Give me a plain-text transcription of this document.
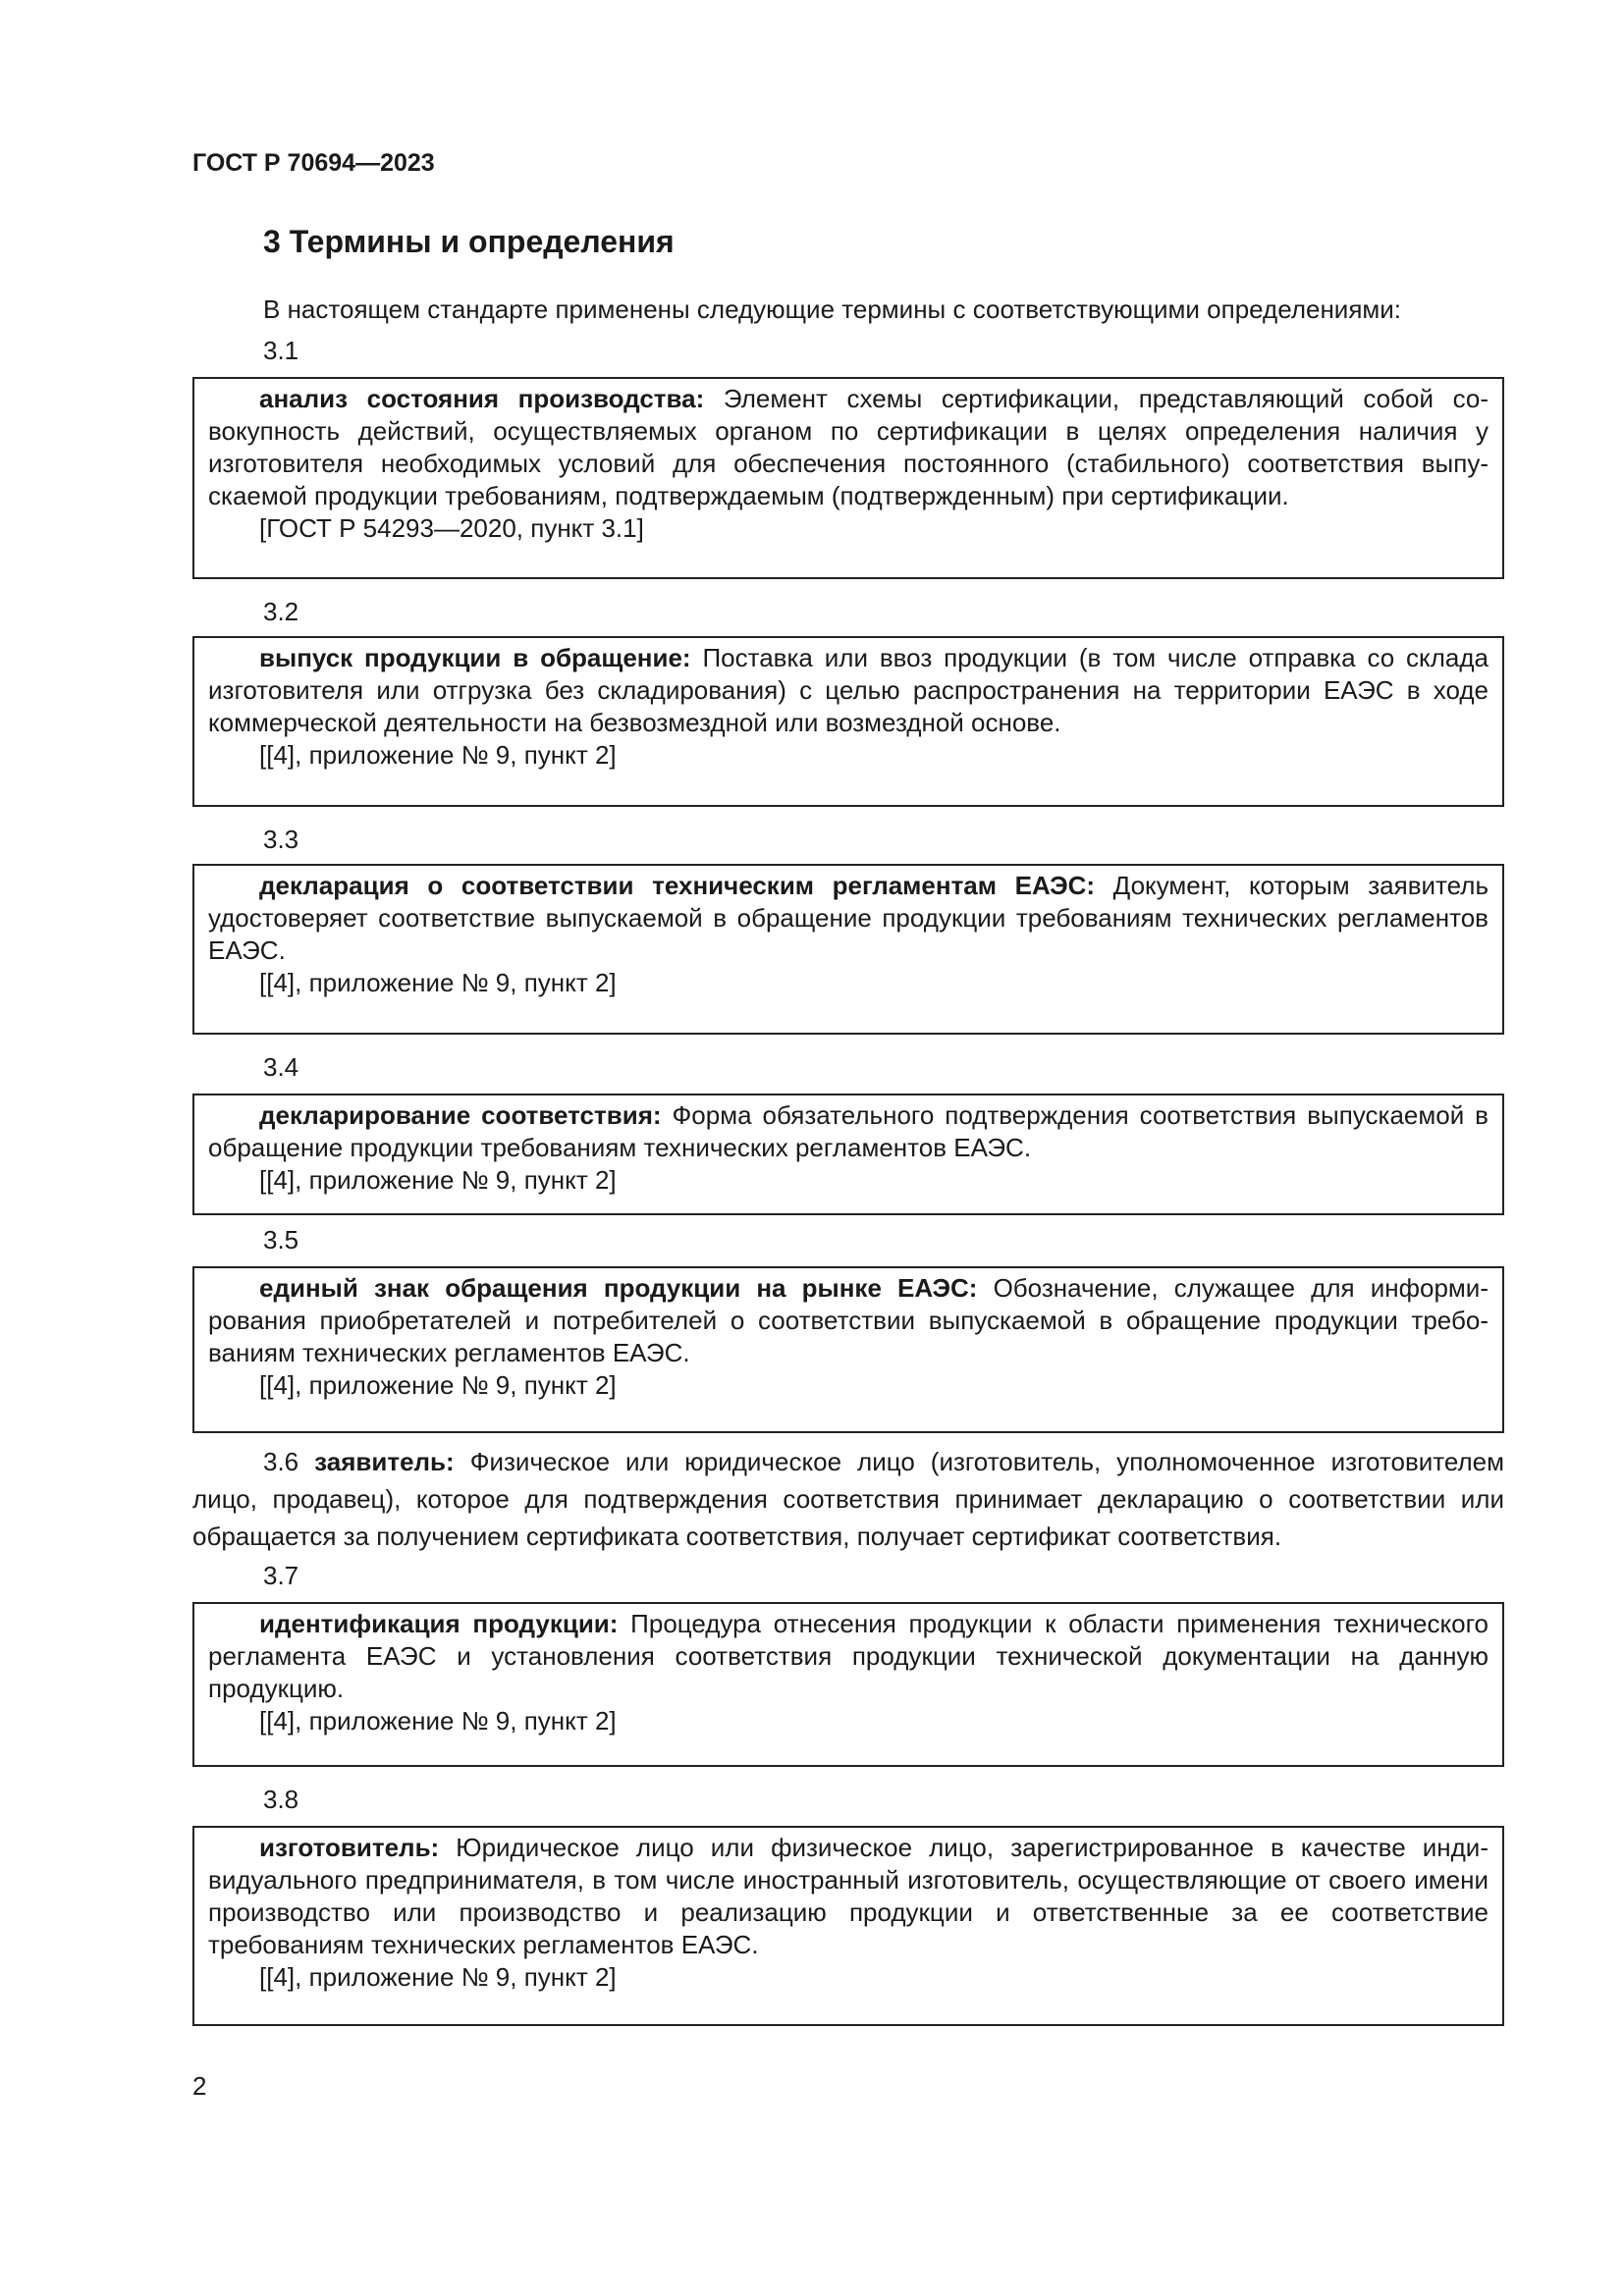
ГОСТ Р 70694—2023
3 Термины и определения
В настоящем стандарте применены следующие термины с соответствующими определениями:
3.1

анализ состояния производства: Элемент схемы сертификации, представляющий собой совокупность действий, осуществляемых органом по сертификации в целях определения наличия у изготовителя необходимых условий для обеспечения постоянного (стабильного) соответствия выпускаемой продукции требованиям, подтверждаемым (подтвержденным) при сертификации.

[ГОСТ Р 54293—2020, пункт 3.1]

3.2

выпуск продукции в обращение: Поставка или ввоз продукции (в том числе отправка со склада изготовителя или отгрузка без складирования) с целью распространения на территории ЕАЭС в ходе коммерческой деятельности на безвозмездной или возмездной основе.

[[4], приложение № 9, пункт 2]

3.3

декларация о соответствии техническим регламентам ЕАЭС: Документ, которым заявитель удостоверяет соответствие выпускаемой в обращение продукции требованиям технических регламентов ЕАЭС.

[[4], приложение № 9, пункт 2]

3.4

декларирование соответствия: Форма обязательного подтверждения соответствия выпускаемой в обращение продукции требованиям технических регламентов ЕАЭС.

[[4], приложение № 9, пункт 2]

3.5

единый знак обращения продукции на рынке ЕАЭС: Обозначение, служащее для информирования приобретателей и потребителей о соответствии выпускаемой в обращение продукции требованиям технических регламентов ЕАЭС.

[[4], приложение № 9, пункт 2]

3.6 заявитель: Физическое или юридическое лицо (изготовитель, уполномоченное изготовителем лицо, продавец), которое для подтверждения соответствия принимает декларацию о соответствии или обращается за получением сертификата соответствия, получает сертификат соответствия.

3.7

идентификация продукции: Процедура отнесения продукции к области применения технического регламента ЕАЭС и установления соответствия продукции технической документации на данную продукцию.

[[4], приложение № 9, пункт 2]

3.8

изготовитель: Юридическое лицо или физическое лицо, зарегистрированное в качестве индивидуального предпринимателя, в том числе иностранный изготовитель, осуществляющие от своего имени производство или производство и реализацию продукции и ответственные за ее соответствие требованиям технических регламентов ЕАЭС.

[[4], приложение № 9, пункт 2]

2
